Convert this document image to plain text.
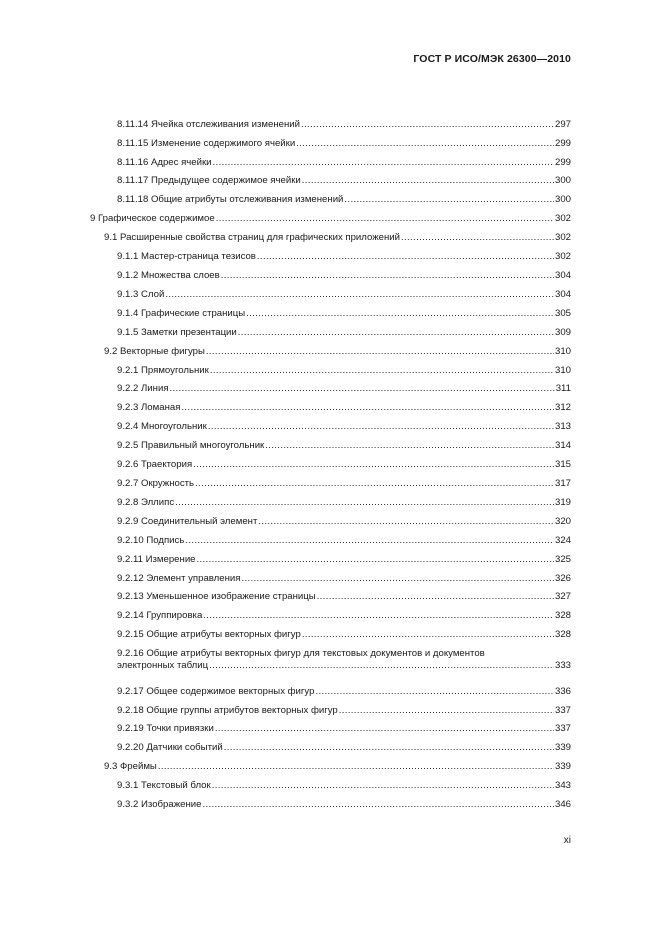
ГОСТ Р ИСО/МЭК 26300—2010
8.11.14 Ячейка отслеживания изменений .....	297
8.11.15 Изменение содержимого ячейки .....	299
8.11.16 Адрес ячейки .....	299
8.11.17 Предыдущее содержимое ячейки .....	300
8.11.18 Общие атрибуты отслеживания изменений .....	300
9 Графическое содержимое .....	302
9.1 Расширенные свойства страниц для графических приложений .....	302
9.1.1 Мастер-страница тезисов .....	302
9.1.2 Множества слоев .....	304
9.1.3 Слой .....	304
9.1.4 Графические страницы .....	305
9.1.5 Заметки презентации .....	309
9.2 Векторные фигуры .....	310
9.2.1 Прямоугольник .....	310
9.2.2 Линия .....	311
9.2.3 Ломаная .....	312
9.2.4 Многоугольник .....	313
9.2.5 Правильный многоугольник .....	314
9.2.6 Траектория .....	315
9.2.7 Окружность .....	317
9.2.8 Эллипс .....	319
9.2.9 Соединительный элемент .....	320
9.2.10 Подпись .....	324
9.2.11 Измерение .....	325
9.2.12 Элемент управления .....	326
9.2.13 Уменьшенное изображение страницы .....	327
9.2.14 Группировка .....	328
9.2.15 Общие атрибуты векторных фигур .....	328
9.2.16 Общие атрибуты векторных фигур для текстовых документов и документов
электронных таблиц .....	333
9.2.17 Общее содержимое векторных фигур .....	336
9.2.18 Общие группы атрибутов векторных фигур .....	337
9.2.19 Точки привязки .....	337
9.2.20 Датчики событий .....	339
9.3 Фреймы .....	339
9.3.1 Текстовый блок .....	343
9.3.2 Изображение .....	346
xi
